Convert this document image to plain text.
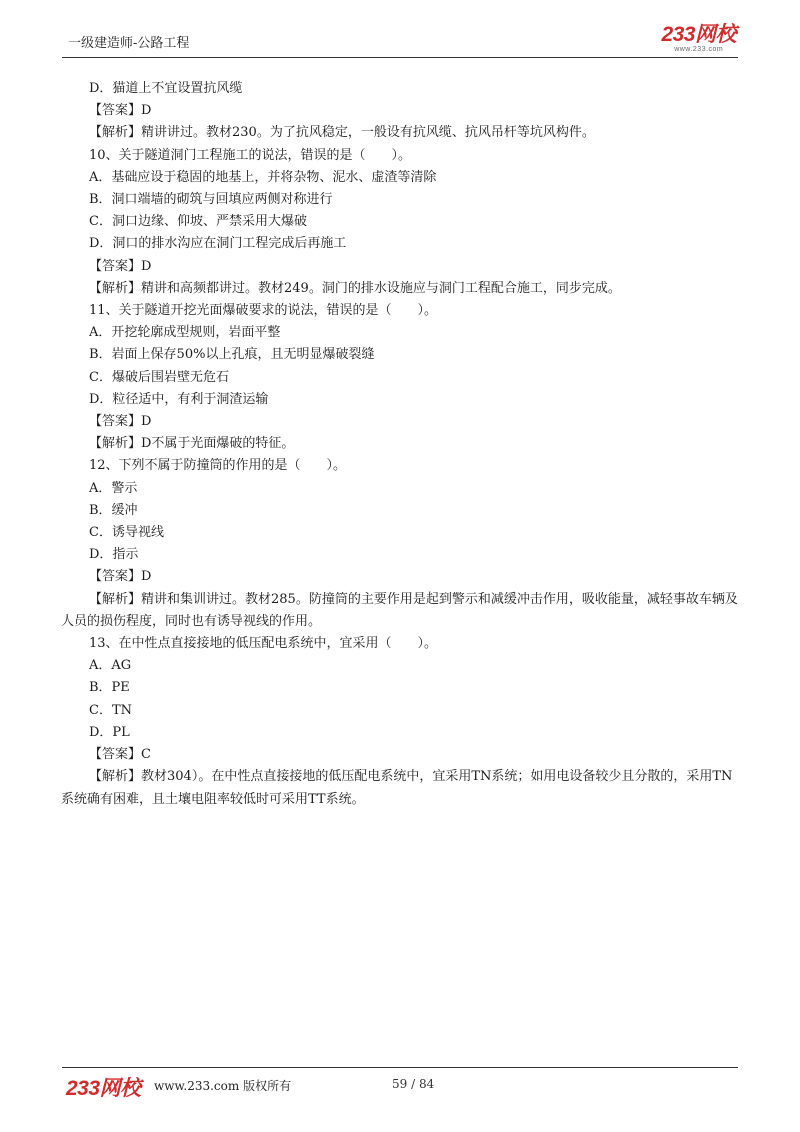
一级建造师-公路工程	233网校
www.233.com
D．猫道上不宜设置抗风缆
【答案】D
【解析】精讲讲过。教材230。为了抗风稳定，一般设有抗风缆、抗风吊杆等坑风构件。
10、关于隧道洞门工程施工的说法，错误的是（　　）。
A．基础应设于稳固的地基上，并将杂物、泥水、虚渣等清除
B．洞口端墙的砌筑与回填应两侧对称进行
C．洞口边缘、仰坡、严禁采用大爆破
D．洞口的排水沟应在洞门工程完成后再施工
【答案】D
【解析】精讲和高频都讲过。教材249。洞门的排水设施应与洞门工程配合施工，同步完成。
11、关于隧道开挖光面爆破要求的说法，错误的是（　　）。
A．开挖轮廓成型规则，岩面平整
B．岩面上保存50%以上孔痕，且无明显爆破裂缝
C．爆破后围岩壁无危石
D．粒径适中，有利于洞渣运输
【答案】D
【解析】D不属于光面爆破的特征。
12、下列不属于防撞筒的作用的是（　　）。
A．警示
B．缓冲
C．诱导视线
D．指示
【答案】D
【解析】精讲和集训讲过。教材285。防撞筒的主要作用是起到警示和减缓冲击作用，吸收能量，减轻事故车辆及人员的损伤程度，同时也有诱导视线的作用。
13、在中性点直接接地的低压配电系统中，宜采用（　　）。
A．AG
B．PE
C．TN
D．PL
【答案】C
【解析】教材304）。在中性点直接接地的低压配电系统中，宜采用TN系统；如用电设备较少且分散的，采用TN系统确有困难，且土壤电阻率较低时可采用TT系统。
233网校 www.233.com 版权所有	59 / 84
